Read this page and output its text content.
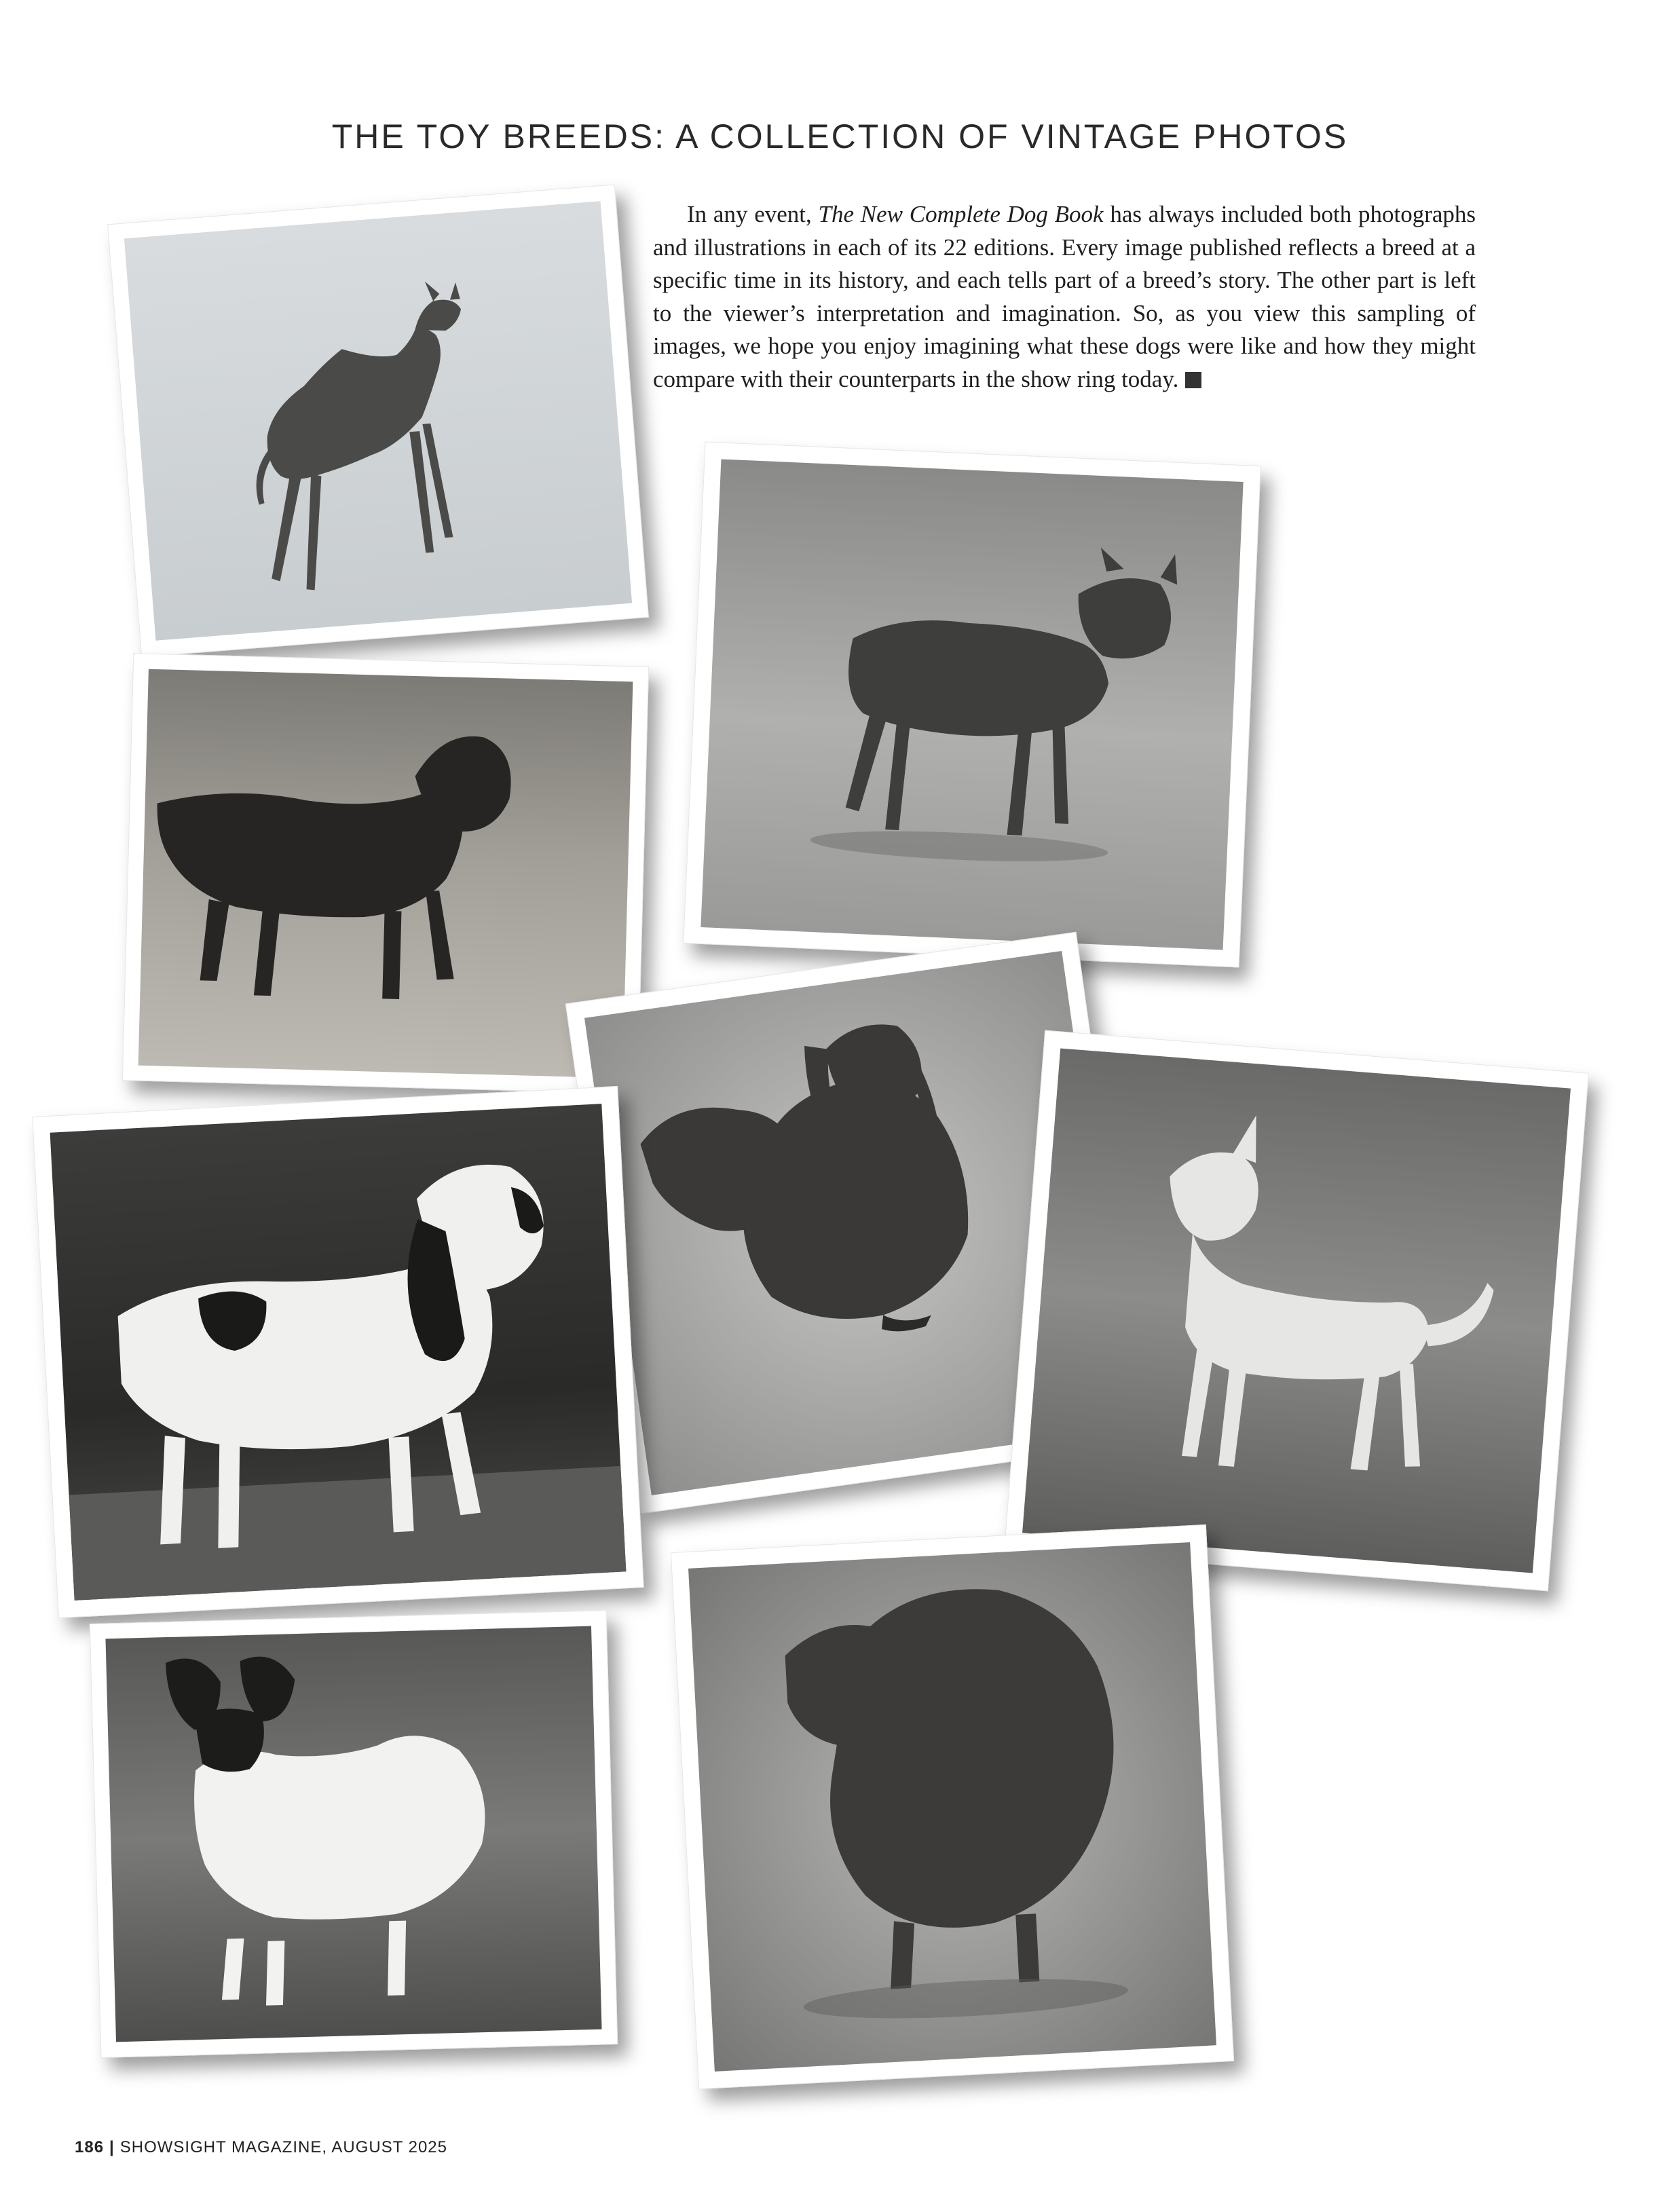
THE TOY BREEDS: A COLLECTION OF VINTAGE PHOTOS

In any event, The New Complete Dog Book has always included both photographs and illustrations in each of its 22 editions. Every image published reflects a breed at a specific time in its history, and each tells part of a breed’s story. The other part is left to the viewer’s interpretation and imagination. So, as you view this sampling of images, we hope you enjoy imagining what these dogs were like and how they might compare with their counterparts in the show ring today.

186 | SHOWSIGHT MAGAZINE, AUGUST 2025
